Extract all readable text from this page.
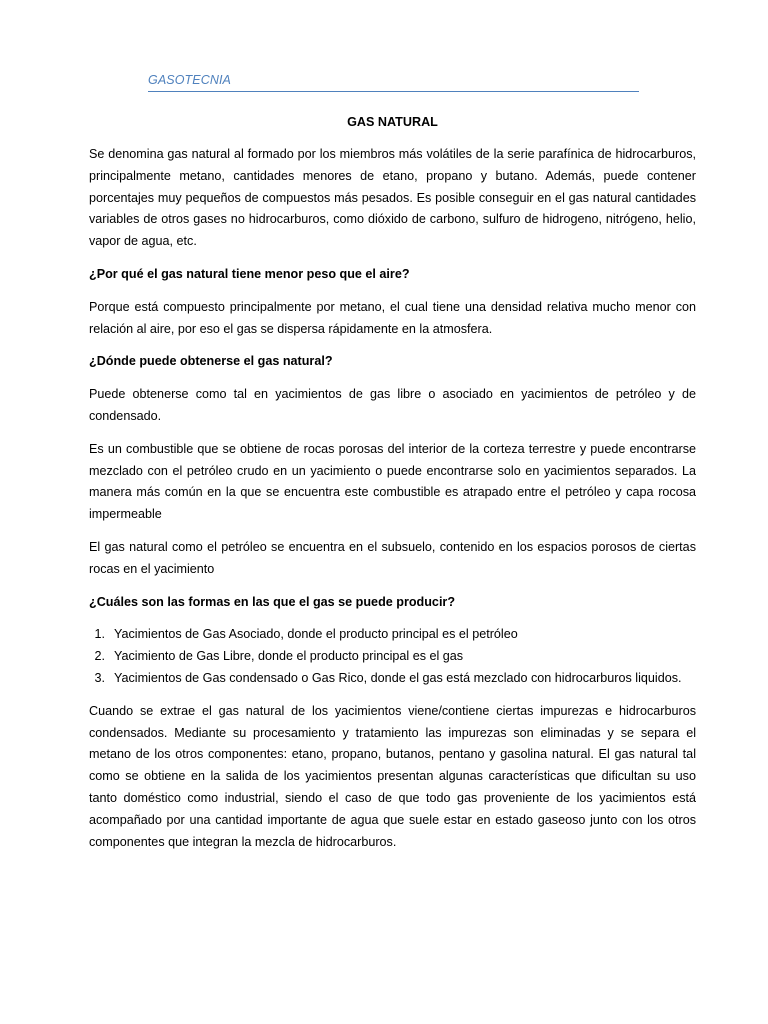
GASOTECNIA
GAS NATURAL

Se denomina gas natural al formado por los miembros más volátiles de la serie parafínica de hidrocarburos, principalmente metano, cantidades menores de etano, propano y butano. Además, puede contener porcentajes muy pequeños de compuestos más pesados. Es posible conseguir en el gas natural cantidades variables de otros gases no hidrocarburos, como dióxido de carbono, sulfuro de hidrogeno, nitrógeno, helio, vapor de agua, etc.

¿Por qué el gas natural tiene menor peso que el aire?

Porque está compuesto principalmente por metano, el cual tiene una densidad relativa mucho menor con relación al aire, por eso el gas se dispersa rápidamente en la atmosfera.

¿Dónde puede obtenerse el gas natural?

Puede obtenerse como tal en yacimientos de gas libre o asociado en yacimientos de petróleo y de condensado.

Es un combustible que se obtiene de rocas porosas del interior de la corteza terrestre y puede encontrarse mezclado con el petróleo crudo en un yacimiento o puede encontrarse solo en yacimientos separados. La manera más común en la que se encuentra este combustible es atrapado entre el petróleo y capa rocosa impermeable

El gas natural como el petróleo se encuentra en el subsuelo, contenido en los espacios porosos de ciertas rocas en el yacimiento

¿Cuáles son las formas en las que el gas se puede producir?

1. Yacimientos de Gas Asociado, donde el producto principal es el petróleo
2. Yacimiento de Gas Libre, donde el producto principal es el gas
3. Yacimientos de Gas condensado o Gas Rico, donde el gas está mezclado con hidrocarburos liquidos.

Cuando se extrae el gas natural de los yacimientos viene/contiene ciertas impurezas e hidrocarburos condensados. Mediante su procesamiento y tratamiento las impurezas son eliminadas y se separa el metano de los otros componentes: etano, propano, butanos, pentano y gasolina natural. El gas natural tal como se obtiene en la salida de los yacimientos presentan algunas características que dificultan su uso tanto doméstico como industrial, siendo el caso de que todo gas proveniente de los yacimientos está acompañado por una cantidad importante de agua que suele estar en estado gaseoso junto con los otros componentes que integran la mezcla de hidrocarburos.
